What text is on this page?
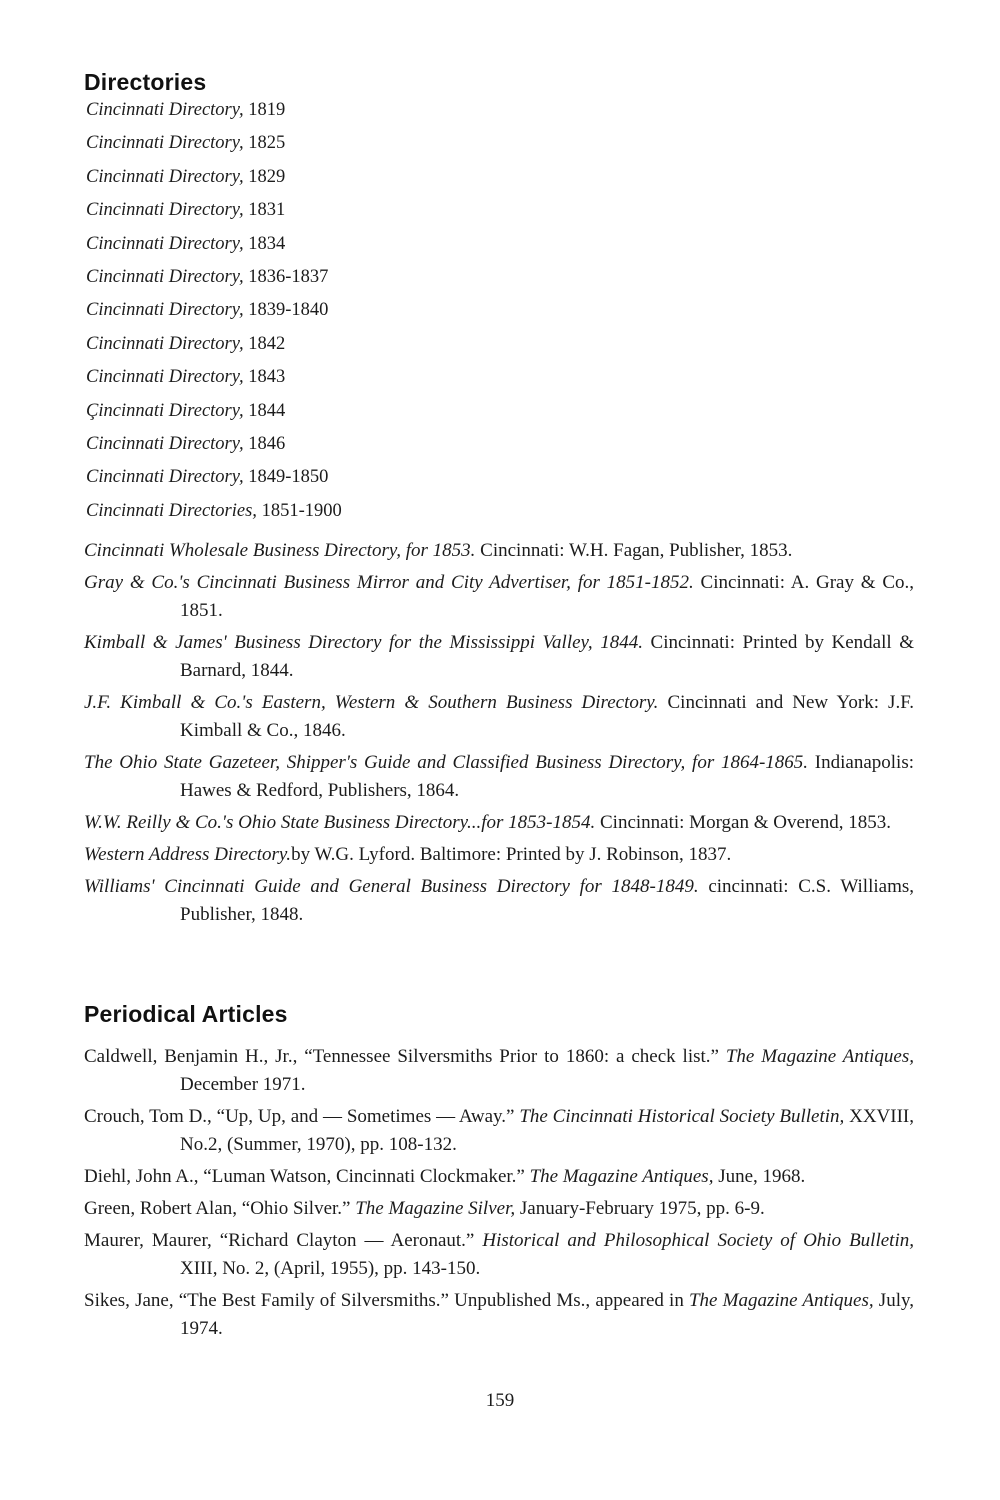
Directories
Cincinnati Directory, 1819
Cincinnati Directory, 1825
Cincinnati Directory, 1829
Cincinnati Directory, 1831
Cincinnati Directory, 1834
Cincinnati Directory, 1836-1837
Cincinnati Directory, 1839-1840
Cincinnati Directory, 1842
Cincinnati Directory, 1843
Çincinnati Directory, 1844
Cincinnati Directory, 1846
Cincinnati Directory, 1849-1850
Cincinnati Directories, 1851-1900
Cincinnati Wholesale Business Directory, for 1853. Cincinnati: W.H. Fagan, Publisher, 1853.
Gray & Co.'s Cincinnati Business Mirror and City Advertiser, for 1851-1852. Cincinnati: A. Gray & Co., 1851.
Kimball & James' Business Directory for the Mississippi Valley, 1844. Cincinnati: Printed by Kendall & Barnard, 1844.
J.F. Kimball & Co.'s Eastern, Western & Southern Business Directory. Cincinnati and New York: J.F. Kimball & Co., 1846.
The Ohio State Gazeteer, Shipper's Guide and Classified Business Directory, for 1864-1865. Indianapolis: Hawes & Redford, Publishers, 1864.
W.W. Reilly & Co.'s Ohio State Business Directory...for 1853-1854. Cincinnati: Morgan & Overend, 1853.
Western Address Directory.by W.G. Lyford. Baltimore: Printed by J. Robinson, 1837.
Williams' Cincinnati Guide and General Business Directory for 1848-1849. cincinnati: C.S. Williams, Publisher, 1848.
Periodical Articles
Caldwell, Benjamin H., Jr., “Tennessee Silversmiths Prior to 1860: a check list.” The Magazine Antiques, December 1971.
Crouch, Tom D., “Up, Up, and — Sometimes — Away.” The Cincinnati Historical Society Bulletin, XXVIII, No.2, (Summer, 1970), pp. 108-132.
Diehl, John A., “Luman Watson, Cincinnati Clockmaker.” The Magazine Antiques, June, 1968.
Green, Robert Alan, “Ohio Silver.” The Magazine Silver, January-February 1975, pp. 6-9.
Maurer, Maurer, “Richard Clayton — Aeronaut.” Historical and Philosophical Society of Ohio Bulletin, XIII, No. 2, (April, 1955), pp. 143-150.
Sikes, Jane, “The Best Family of Silversmiths.” Unpublished Ms., appeared in The Magazine Antiques, July, 1974.
159
